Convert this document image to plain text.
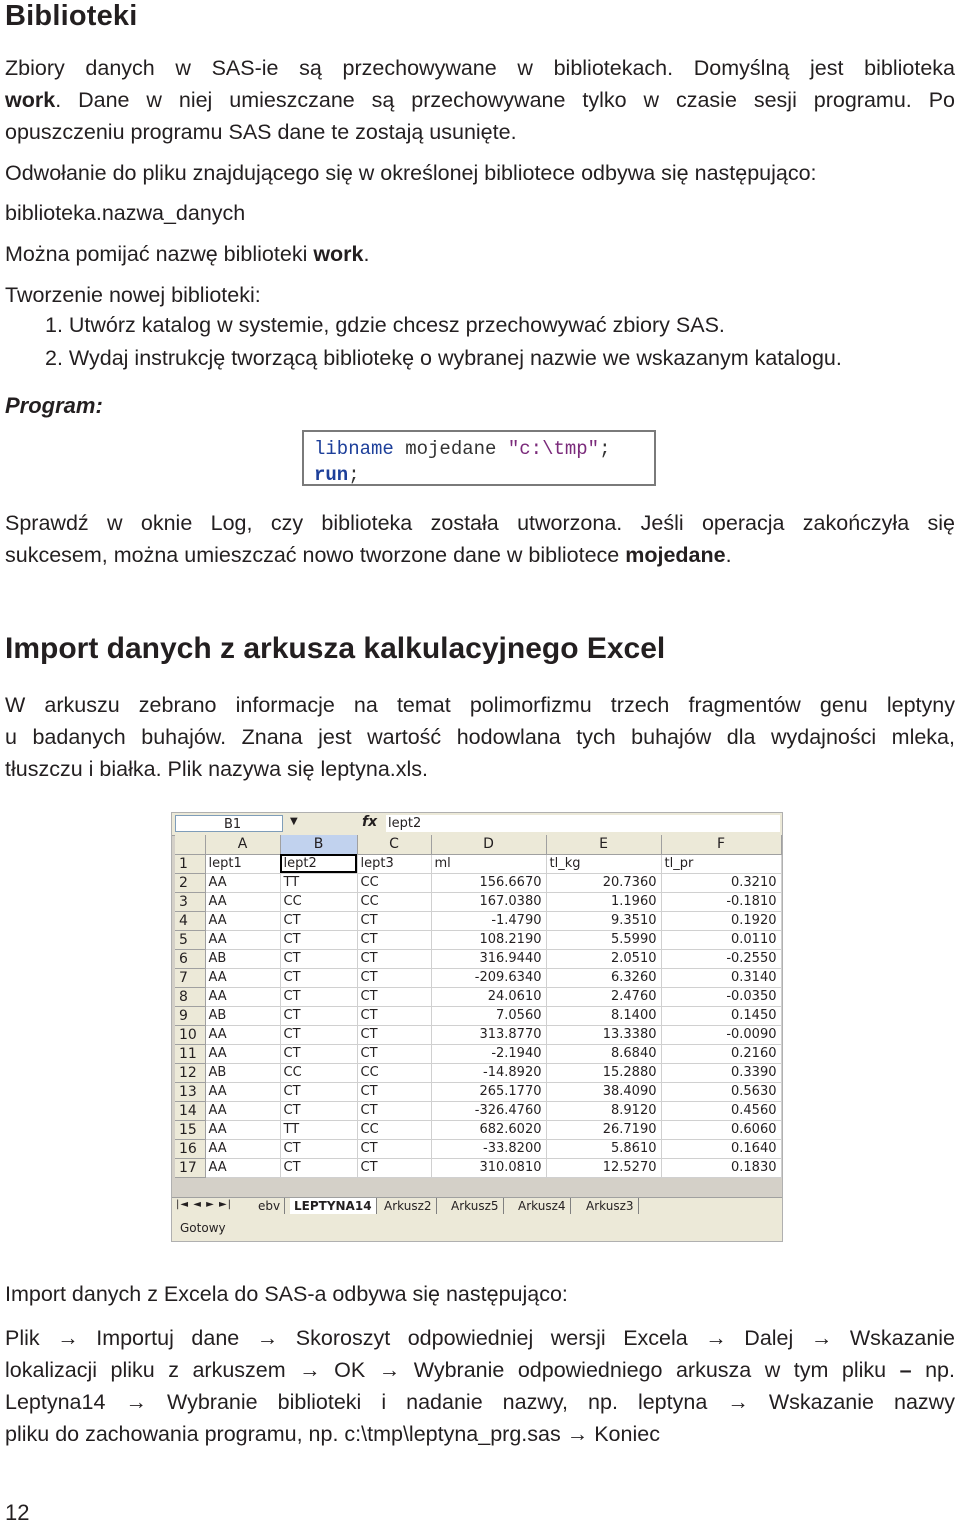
Biblioteki
Zbiory danych w SAS-ie są przechowywane w bibliotekach. Domyślną jest biblioteka
work. Dane w niej umieszczane są przechowywane tylko w czasie sesji programu. Po
opuszczeniu programu SAS dane te zostają usunięte.
Odwołanie do pliku znajdującego się w określonej bibliotece odbywa się następująco:
biblioteka.nazwa_danych
Można pomijać nazwę biblioteki work.
Tworzenie nowej biblioteki:
1. Utwórz katalog w systemie, gdzie chcesz przechowywać zbiory SAS.
2. Wydaj instrukcję tworzącą bibliotekę o wybranej nazwie we wskazanym katalogu.
Program:
libname mojedane "c:\tmp";
run;
Sprawdź w oknie Log, czy biblioteka została utworzona. Jeśli operacja zakończyła się
sukcesem, można umieszczać nowo tworzone dane w bibliotece mojedane.
Import danych z arkusza kalkulacyjnego Excel
W arkuszu zebrano informacje na temat polimorfizmu trzech fragmentów genu leptyny
u badanych buhajów. Znana jest wartość hodowlana tych buhajów dla wydajności mleka,
tłuszczu i białka. Plik nazywa się leptyna.xls.
B1	▼	fx lept2
	A	B	C	D	E	F
1	lept1	lept2	lept3	ml	tl_kg	tl_pr
2	AA	TT	CC	156.6670	20.7360	0.3210
3	AA	CC	CC	167.0380	1.1960	-0.1810
4	AA	CT	CT	-1.4790	9.3510	0.1920
5	AA	CT	CT	108.2190	5.5990	0.0110
6	AB	CT	CT	316.9440	2.0510	-0.2550
7	AA	CT	CT	-209.6340	6.3260	0.3140
8	AA	CT	CT	24.0610	2.4760	-0.0350
9	AB	CT	CT	7.0560	8.1400	0.1450
10	AA	CT	CT	313.8770	13.3380	-0.0090
11	AA	CT	CT	-2.1940	8.6840	0.2160
12	AB	CC	CC	-14.8920	15.2880	0.3390
13	AA	CT	CT	265.1770	38.4090	0.5630
14	AA	CT	CT	-326.4760	8.9120	0.4560
15	AA	TT	CC	682.6020	26.7190	0.6060
16	AA	CT	CT	-33.8200	5.8610	0.1640
17	AA	CT	CT	310.0810	12.5270	0.1830
|◄ ◄ ► ►|	ebv	LEPTYNA14	Arkusz2	Arkusz5	Arkusz4	Arkusz3
Gotowy
Import danych z Excela do SAS-a odbywa się następująco:
Plik → Importuj dane → Skoroszyt odpowiedniej wersji Excela → Dalej → Wskazanie
lokalizacji pliku z arkuszem → OK → Wybranie odpowiedniego arkusza w tym pliku – np.
Leptyna14 → Wybranie biblioteki i nadanie nazwy, np. leptyna → Wskazanie nazwy
pliku do zachowania programu, np. c:\tmp\leptyna_prg.sas → Koniec
12
